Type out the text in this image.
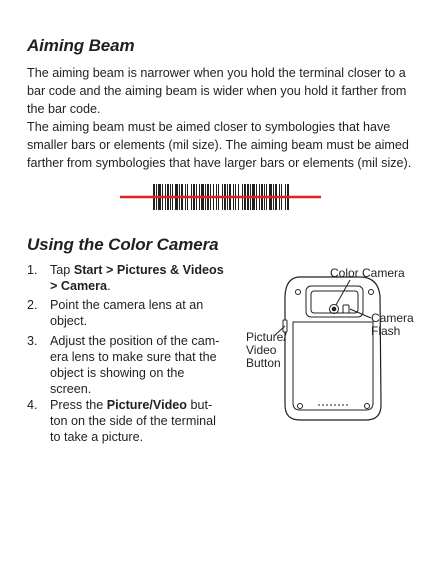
Aiming Beam
The aiming beam is narrower when you hold the terminal closer to a
bar code and the aiming beam is wider when you hold it farther from
the bar code.
The aiming beam must be aimed closer to symbologies that have
smaller bars or elements (mil size). The aiming beam must be aimed
farther from symbologies that have larger bars or elements (mil size).
Using the Color Camera
1. Tap Start > Pictures & Videos
> Camera.
2. Point the camera lens at an
object.
3. Adjust the position of the cam-
era lens to make sure that the
object is showing on the
screen.
4. Press the Picture/Video but-
ton on the side of the terminal
to take a picture.
Color Camera
Camera
Flash
Picture/
Video
Button
